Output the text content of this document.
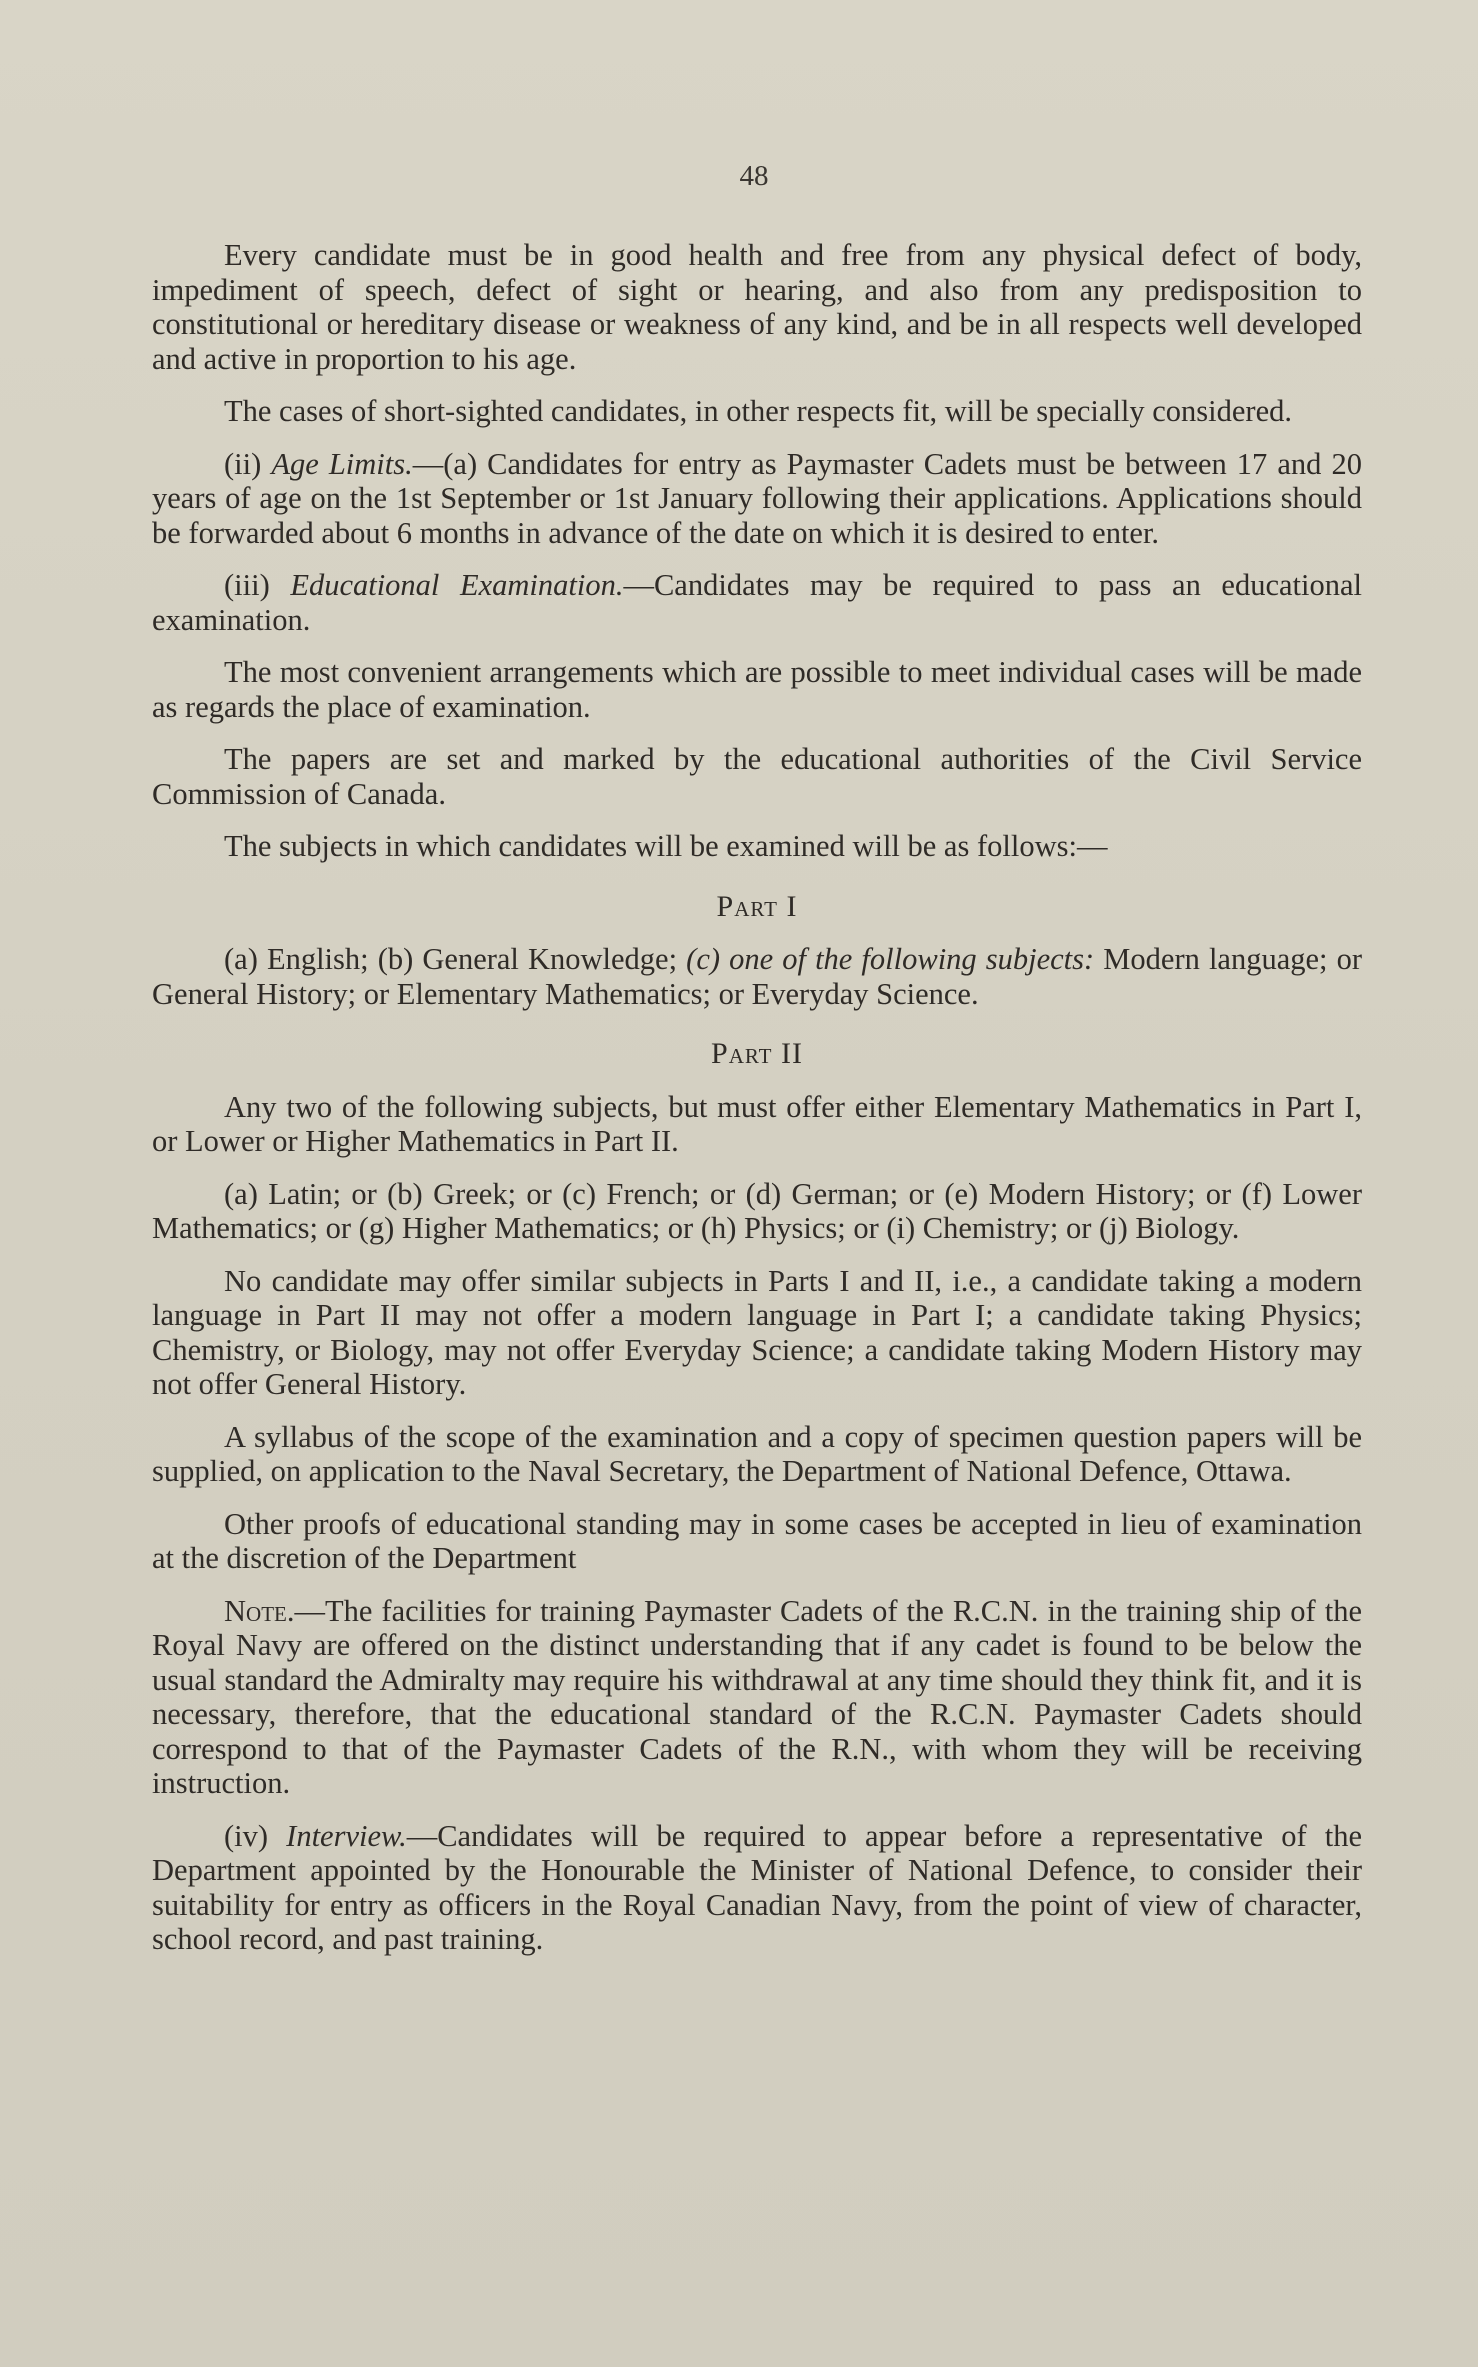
48

Every candidate must be in good health and free from any physical defect of body, impediment of speech, defect of sight or hearing, and also from any predisposition to constitutional or hereditary disease or weakness of any kind, and be in all respects well developed and active in proportion to his age.

The cases of short-sighted candidates, in other respects fit, will be specially considered.

(ii) Age Limits.—(a) Candidates for entry as Paymaster Cadets must be between 17 and 20 years of age on the 1st September or 1st January following their applications. Applications should be forwarded about 6 months in advance of the date on which it is desired to enter.

(iii) Educational Examination.—Candidates may be required to pass an educational examination.

The most convenient arrangements which are possible to meet individual cases will be made as regards the place of examination.

The papers are set and marked by the educational authorities of the Civil Service Commission of Canada.

The subjects in which candidates will be examined will be as follows:—

Part I

(a) English; (b) General Knowledge; (c) one of the following subjects: Modern language; or General History; or Elementary Mathematics; or Everyday Science.

Part II

Any two of the following subjects, but must offer either Elementary Mathematics in Part I, or Lower or Higher Mathematics in Part II.

(a) Latin; or (b) Greek; or (c) French; or (d) German; or (e) Modern History; or (f) Lower Mathematics; or (g) Higher Mathematics; or (h) Physics; or (i) Chemistry; or (j) Biology.

No candidate may offer similar subjects in Parts I and II, i.e., a candidate taking a modern language in Part II may not offer a modern language in Part I; a candidate taking Physics; Chemistry, or Biology, may not offer Everyday Science; a candidate taking Modern History may not offer General History.

A syllabus of the scope of the examination and a copy of specimen question papers will be supplied, on application to the Naval Secretary, the Department of National Defence, Ottawa.

Other proofs of educational standing may in some cases be accepted in lieu of examination at the discretion of the Department

Note.—The facilities for training Paymaster Cadets of the R.C.N. in the training ship of the Royal Navy are offered on the distinct understanding that if any cadet is found to be below the usual standard the Admiralty may require his withdrawal at any time should they think fit, and it is necessary, therefore, that the educational standard of the R.C.N. Paymaster Cadets should correspond to that of the Paymaster Cadets of the R.N., with whom they will be receiving instruction.

(iv) Interview.—Candidates will be required to appear before a representative of the Department appointed by the Honourable the Minister of National Defence, to consider their suitability for entry as officers in the Royal Canadian Navy, from the point of view of character, school record, and past training.
